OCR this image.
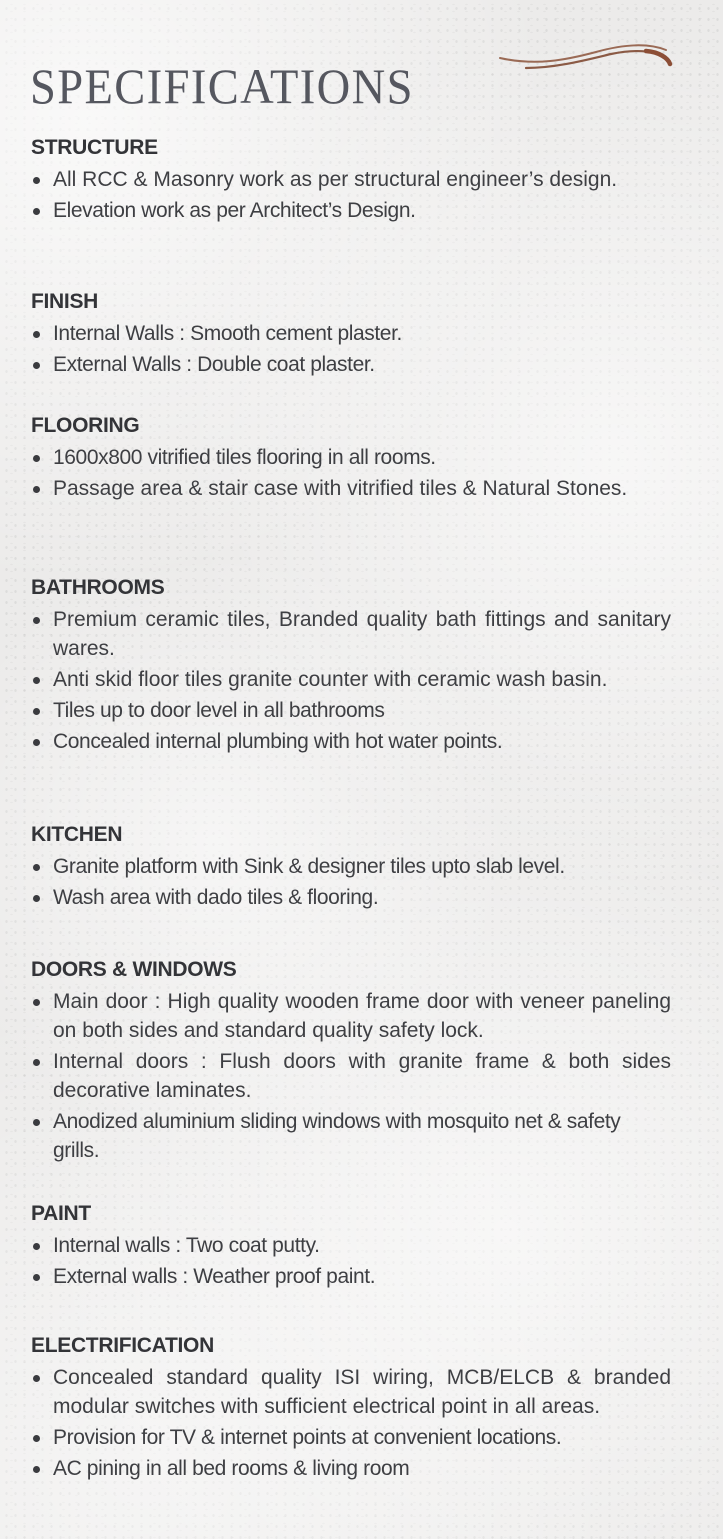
SPECIFICATIONS
STRUCTURE
All RCC & Masonry work as per structural engineer’s design.
Elevation work as per Architect’s Design.
FINISH
Internal Walls : Smooth cement plaster.
External Walls : Double coat plaster.
FLOORING
1600x800 vitrified tiles flooring in all rooms.
Passage area & stair case with vitrified tiles & Natural Stones.
BATHROOMS
Premium ceramic tiles, Branded quality bath fittings and sanitary wares.
Anti skid floor tiles granite counter with ceramic wash basin.
Tiles up to door level in all bathrooms
Concealed internal plumbing with hot water points.
KITCHEN
Granite platform with Sink & designer tiles upto slab level.
Wash area with dado tiles & flooring.
DOORS & WINDOWS
Main door : High quality wooden frame door with veneer paneling on both sides and standard quality safety lock.
Internal doors : Flush doors with granite frame & both sides decorative laminates.
Anodized aluminium sliding windows with mosquito net & safety grills.
PAINT
Internal walls : Two coat putty.
External walls : Weather proof paint.
ELECTRIFICATION
Concealed standard quality ISI wiring, MCB/ELCB & branded modular switches with sufficient electrical point in all areas.
Provision for TV & internet points at convenient locations.
AC pining in all bed rooms & living room
